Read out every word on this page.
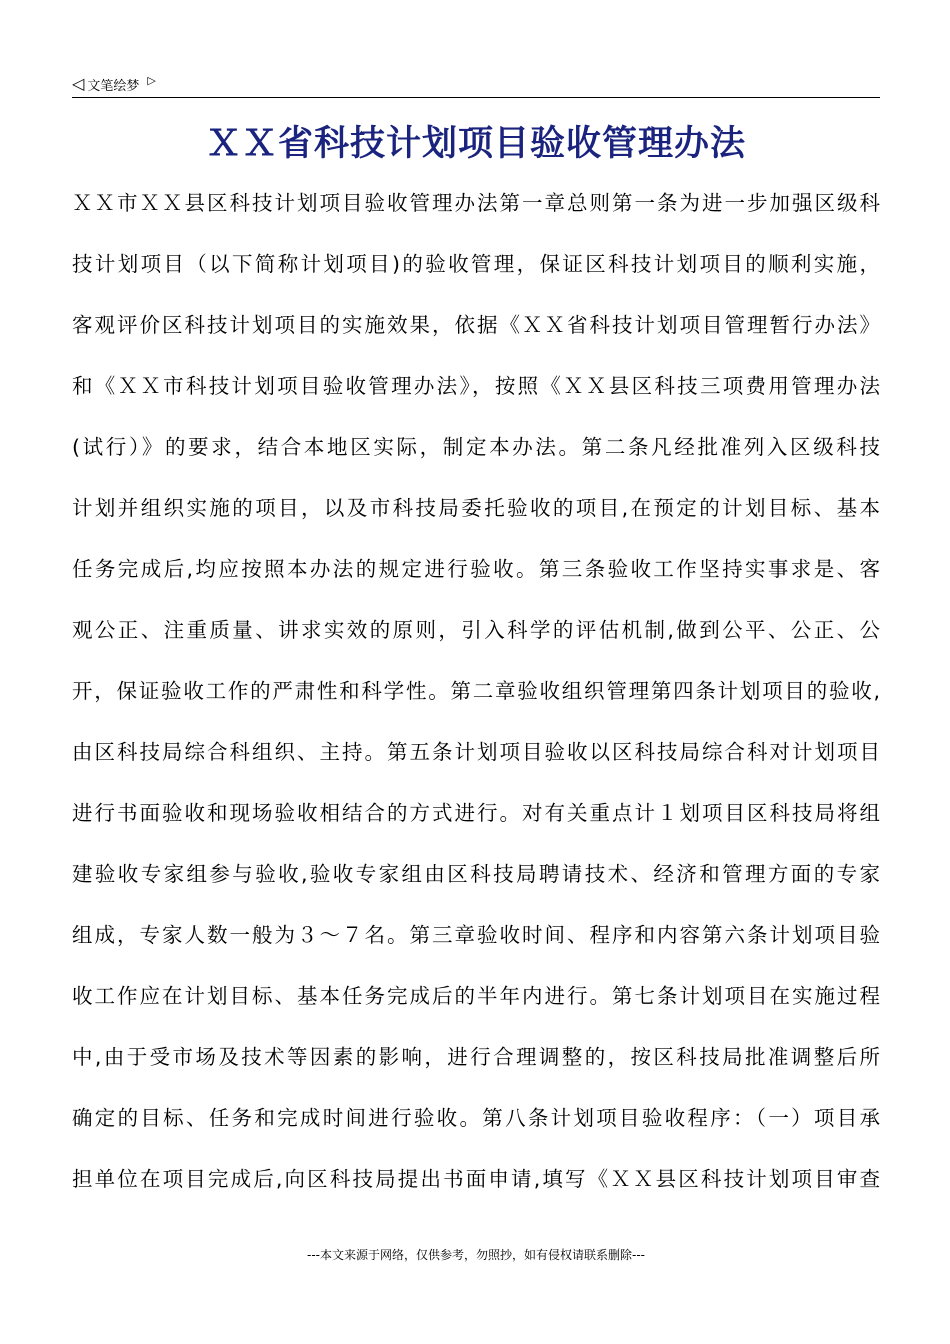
◁ 文笔绘梦 ▷
ＸＸ省科技计划项目验收管理办法
ＸＸ市ＸＸ县区科技计划项目验收管理办法第一章总则第一条为进一步加强区级科
技计划项目（以下简称计划项目)的验收管理，保证区科技计划项目的顺利实施，
客观评价区科技计划项目的实施效果，依据《ＸＸ省科技计划项目管理暂行办法》
和《ＸＸ市科技计划项目验收管理办法》，按照《ＸＸ县区科技三项费用管理办法
(试行）》的要求，结合本地区实际，制定本办法。第二条凡经批准列入区级科技
计划并组织实施的项目，以及市科技局委托验收的项目,在预定的计划目标、基本
任务完成后,均应按照本办法的规定进行验收。第三条验收工作坚持实事求是、客
观公正、注重质量、讲求实效的原则，引入科学的评估机制,做到公平、公正、公
开，保证验收工作的严肃性和科学性。第二章验收组织管理第四条计划项目的验收,
由区科技局综合科组织、主持。第五条计划项目验收以区科技局综合科对计划项目
进行书面验收和现场验收相结合的方式进行。对有关重点计１划项目区科技局将组
建验收专家组参与验收,验收专家组由区科技局聘请技术、经济和管理方面的专家
组成，专家人数一般为３～７名。第三章验收时间、程序和内容第六条计划项目验
收工作应在计划目标、基本任务完成后的半年内进行。第七条计划项目在实施过程
中,由于受市场及技术等因素的影响，进行合理调整的，按区科技局批准调整后所
确定的目标、任务和完成时间进行验收。第八条计划项目验收程序：（一）项目承
担单位在项目完成后,向区科技局提出书面申请,填写《ＸＸ县区科技计划项目审查
---本文来源于网络，仅供参考，勿照抄，如有侵权请联系删除---
